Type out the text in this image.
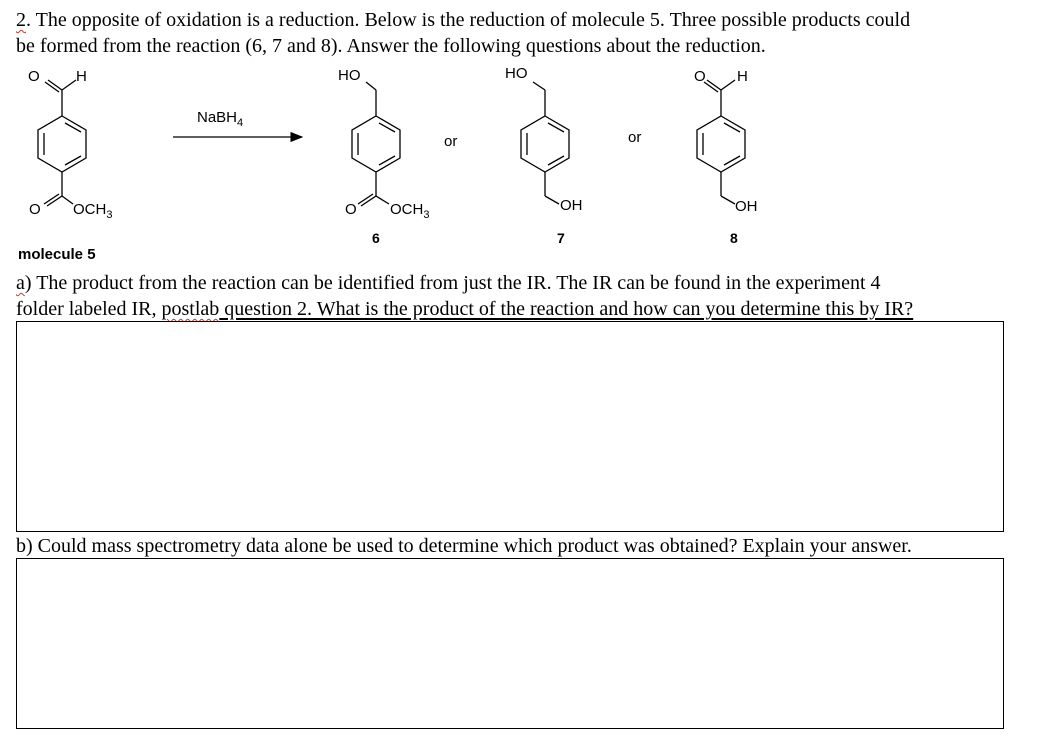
2. The opposite of oxidation is a reduction. Below is the reduction of molecule 5. Three possible products could

be formed from the reaction (6, 7 and 8). Answer the following questions about the reduction.

O H
O $OCH_3$
NaBH$_4$
HO
O $OCH_3$
or
HO
OH
or
O H
OH
6	7	8

molecule 5

a) The product from the reaction can be identified from just the IR. The IR can be found in the experiment 4

folder labeled IR, postlab question 2. What is the product of the reaction and how can you determine this by IR?

b) Could mass spectrometry data alone be used to determine which product was obtained? Explain your answer.
